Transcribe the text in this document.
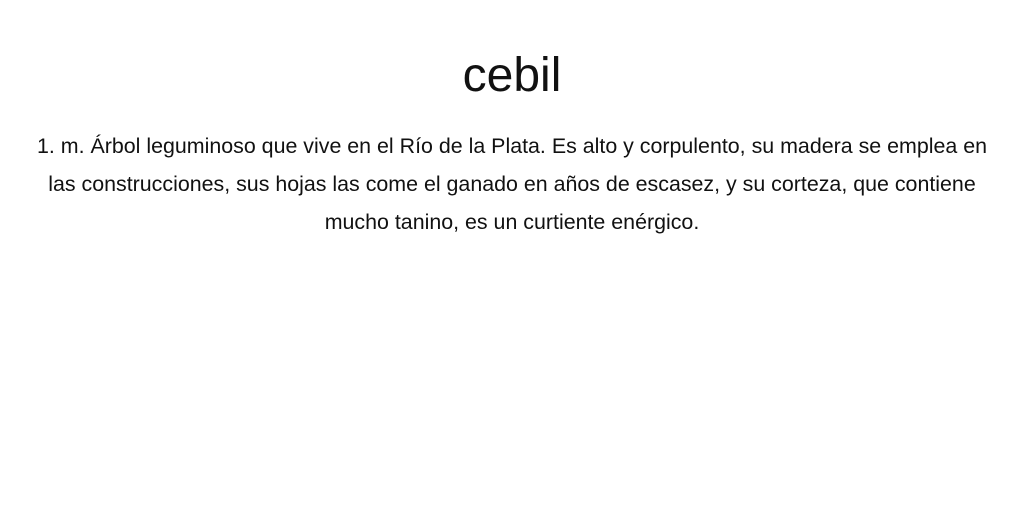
cebil

1. m. Árbol leguminoso que vive en el Río de la Plata. Es alto y corpulento, su madera se emplea en las construcciones, sus hojas las come el ganado en años de escasez, y su corteza, que contiene mucho tanino, es un curtiente enérgico.
